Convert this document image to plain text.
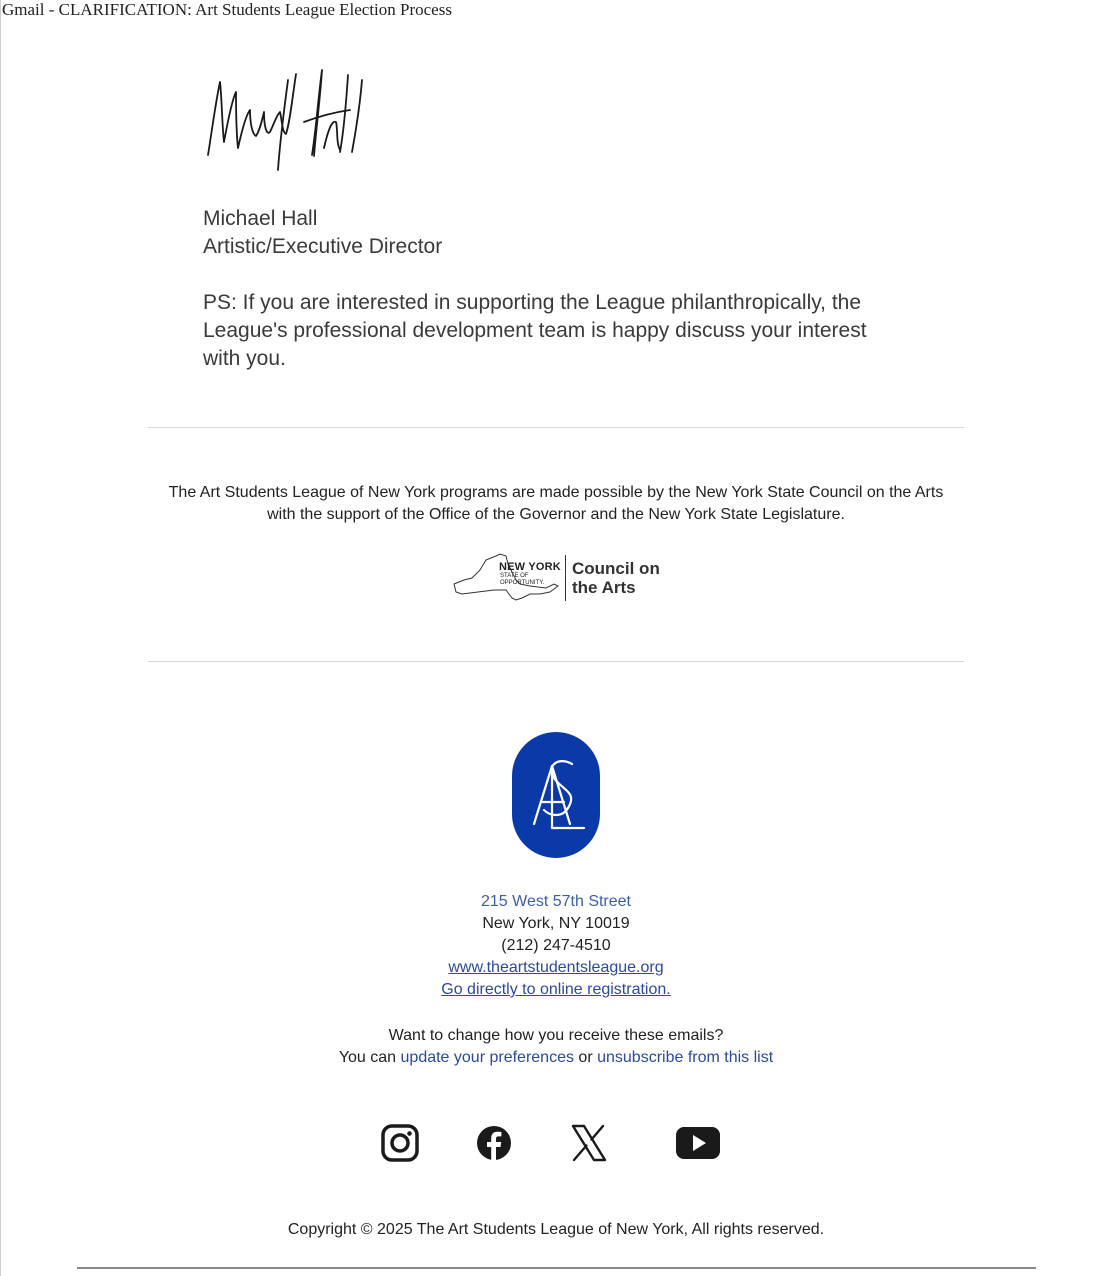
Gmail - CLARIFICATION: Art Students League Election Process
Michael Hall
Artistic/Executive Director
PS: If you are interested in supporting the League philanthropically, the League's professional development team is happy discuss your interest with you.
The Art Students League of New York programs are made possible by the New York State Council on the Arts with the support of the Office of the Governor and the New York State Legislature.
NEW YORK
STATE OF OPPORTUNITY.
Council on the Arts
215 West 57th Street
New York, NY 10019
(212) 247-4510
www.theartstudentsleague.org
Go directly to online registration.
Want to change how you receive these emails?
You can update your preferences or unsubscribe from this list
Copyright © 2025 The Art Students League of New York, All rights reserved.
